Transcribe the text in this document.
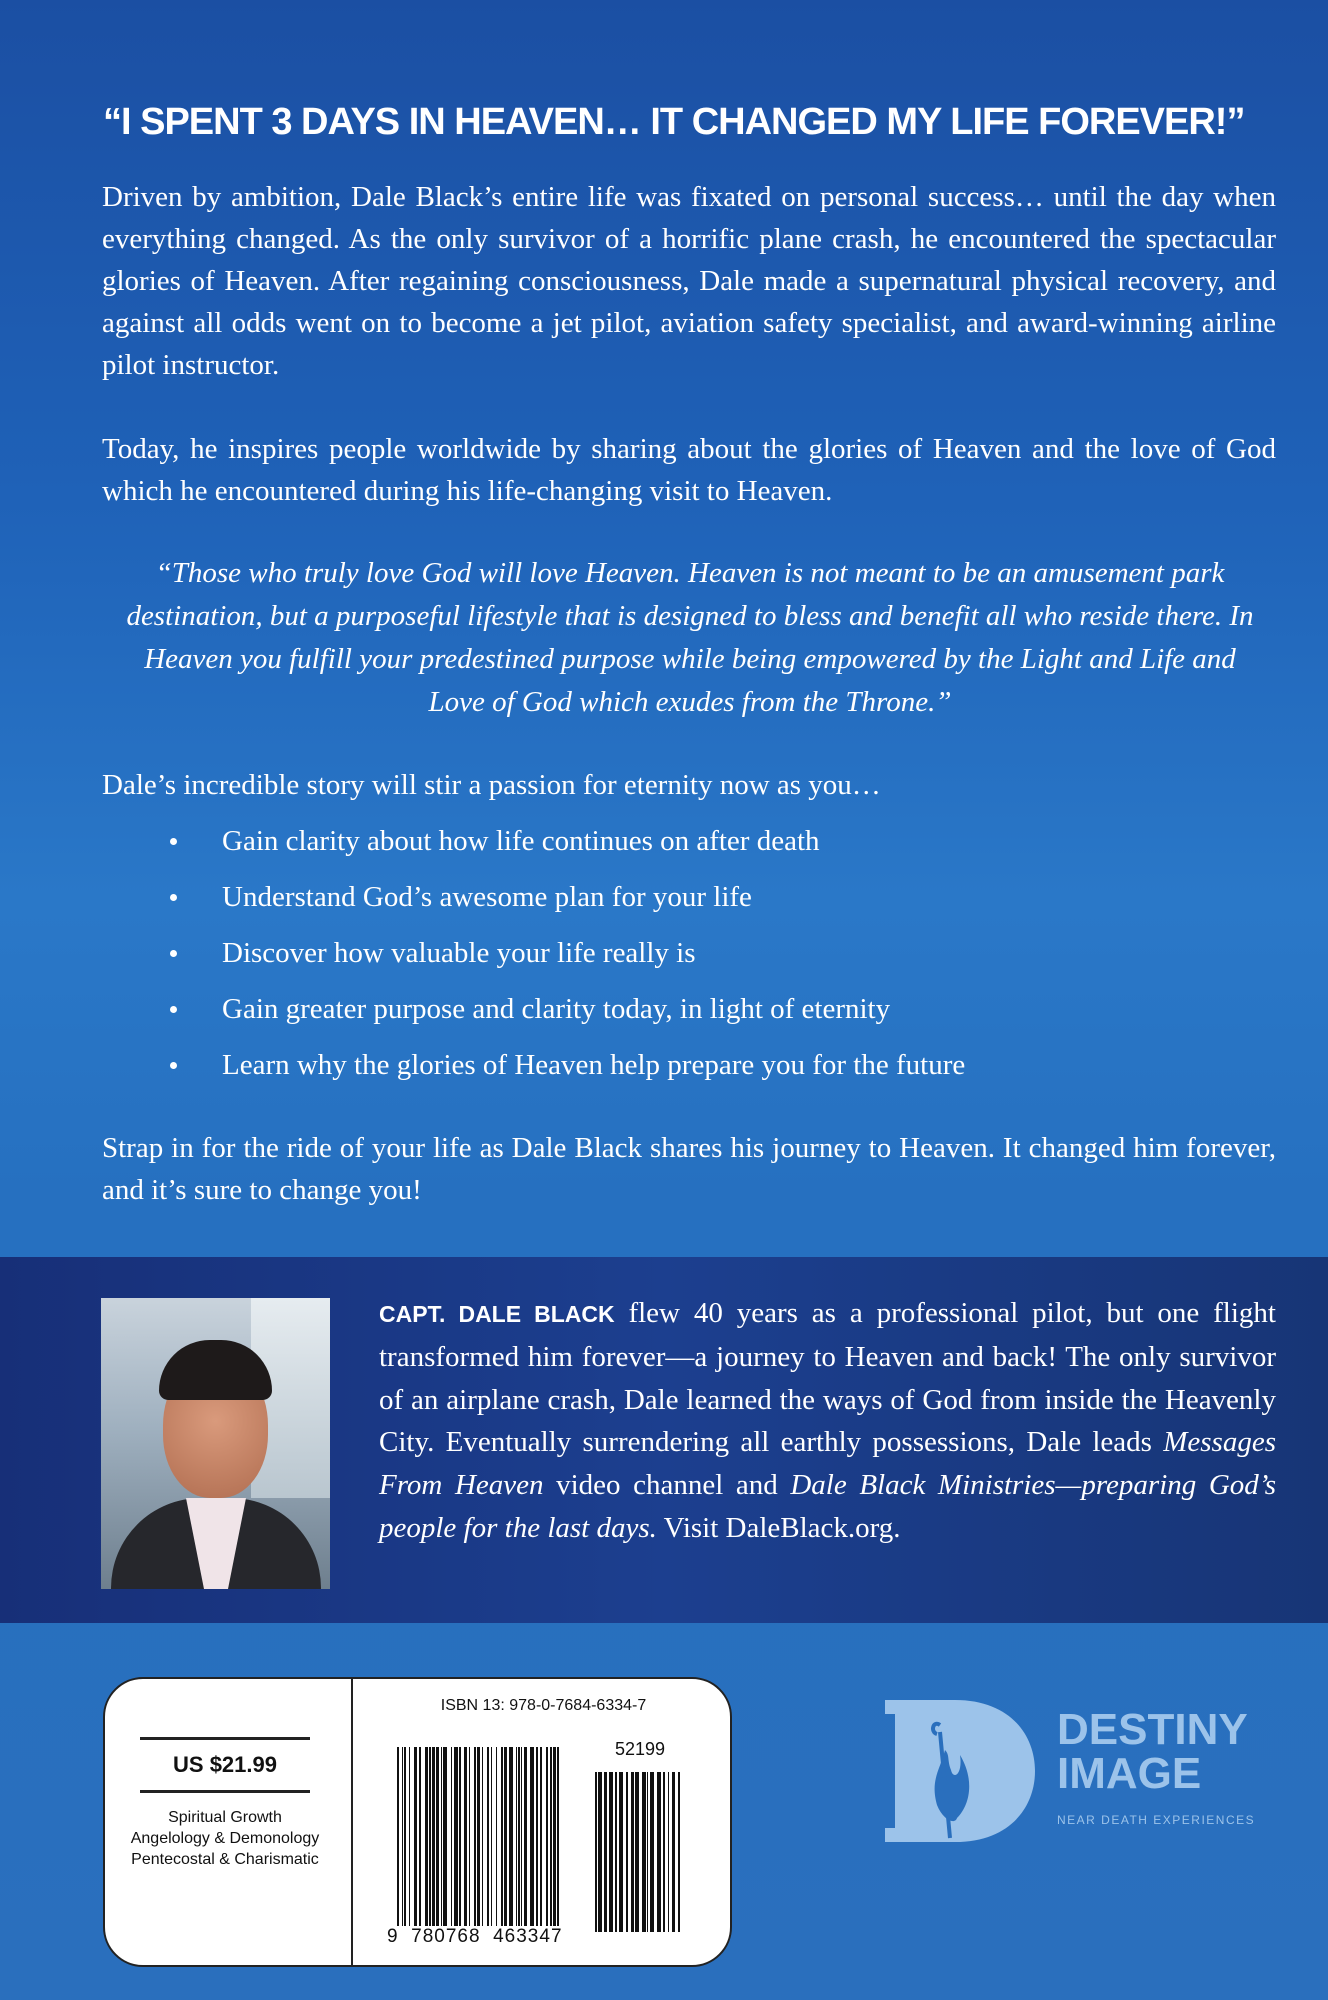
“I SPENT 3 DAYS IN HEAVEN… IT CHANGED MY LIFE FOREVER!”

Driven by ambition, Dale Black’s entire life was fixated on personal success… until the day when everything changed. As the only survivor of a horrific plane crash, he encountered the spectacular glories of Heaven. After regaining consciousness, Dale made a supernatural physical recovery, and against all odds went on to become a jet pilot, aviation safety specialist, and award-winning airline pilot instructor.

Today, he inspires people worldwide by sharing about the glories of Heaven and the love of God which he encountered during his life-changing visit to Heaven.

“Those who truly love God will love Heaven. Heaven is not meant to be an amusement park destination, but a purposeful lifestyle that is designed to bless and benefit all who reside there. In Heaven you fulfill your predestined purpose while being empowered by the Light and Life and Love of God which exudes from the Throne.”

Dale’s incredible story will stir a passion for eternity now as you…

Gain clarity about how life continues on after death
Understand God’s awesome plan for your life
Discover how valuable your life really is
Gain greater purpose and clarity today, in light of eternity
Learn why the glories of Heaven help prepare you for the future

Strap in for the ride of your life as Dale Black shares his journey to Heaven. It changed him forever, and it’s sure to change you!

CAPT. DALE BLACK flew 40 years as a professional pilot, but one flight transformed him forever—a journey to Heaven and back! The only survivor of an airplane crash, Dale learned the ways of God from inside the Heavenly City. Eventually surrendering all earthly possessions, Dale leads Messages From Heaven video channel and Dale Black Ministries—preparing God’s people for the last days. Visit DaleBlack.org.

US $21.99
Spiritual Growth
Angelology & Demonology
Pentecostal & Charismatic
ISBN 13: 978-0-7684-6334-7
52199
9 780768 463347
DESTINY
IMAGE
NEAR DEATH EXPERIENCES
